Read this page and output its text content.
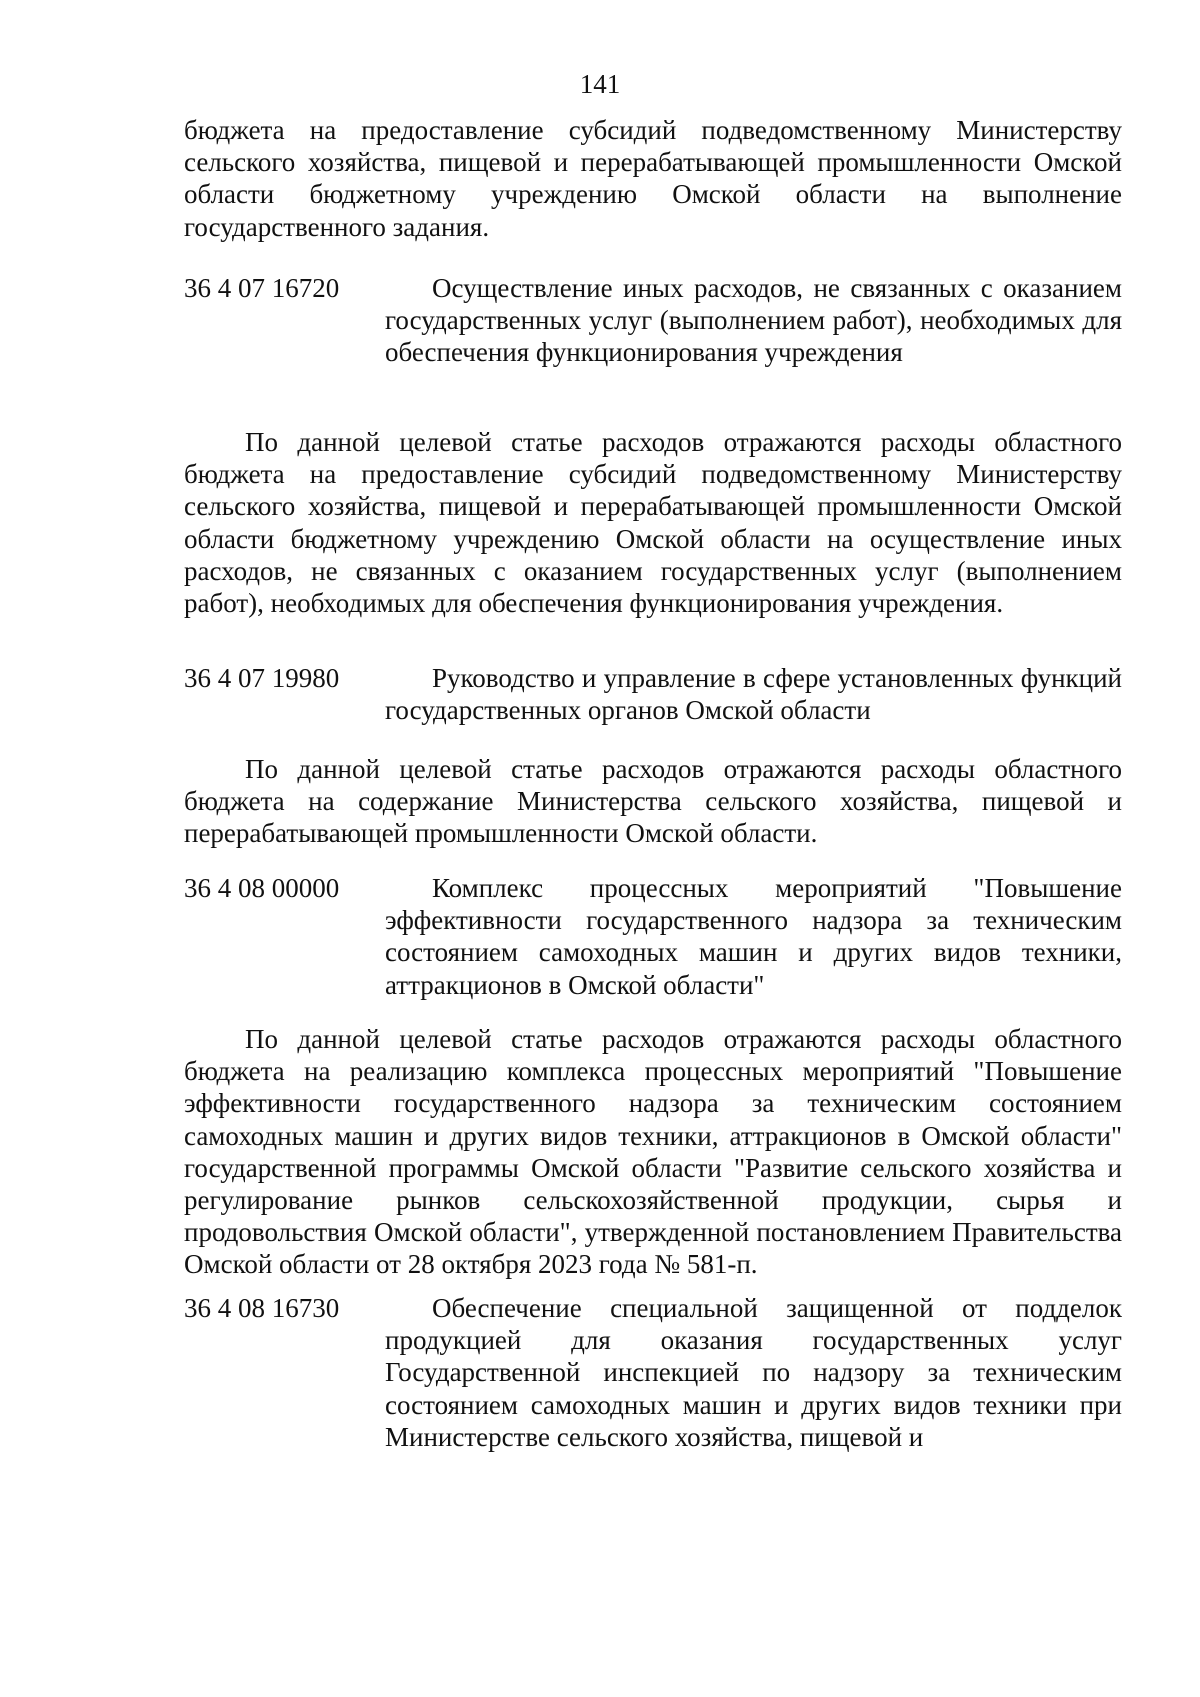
141

бюджета на предоставление субсидий подведомственному Министерству сельского хозяйства, пищевой и перерабатывающей промышленности Омской области бюджетному учреждению Омской области на выполнение государственного задания.

36 4 07 16720	Осуществление иных расходов, не связанных с оказанием государственных услуг (выполнением работ), необходимых для обеспечения функционирования учреждения

По данной целевой статье расходов отражаются расходы областного бюджета на предоставление субсидий подведомственному Министерству сельского хозяйства, пищевой и перерабатывающей промышленности Омской области бюджетному учреждению Омской области на осуществление иных расходов, не связанных с оказанием государственных услуг (выполнением работ), необходимых для обеспечения функционирования учреждения.

36 4 07 19980	Руководство и управление в сфере установленных функций государственных органов Омской области

По данной целевой статье расходов отражаются расходы областного бюджета на содержание Министерства сельского хозяйства, пищевой и перерабатывающей промышленности Омской области.

36 4 08 00000	Комплекс процессных мероприятий "Повышение эффективности государственного надзора за техническим состоянием самоходных машин и других видов техники, аттракционов в Омской области"

По данной целевой статье расходов отражаются расходы областного бюджета на реализацию комплекса процессных мероприятий "Повышение эффективности государственного надзора за техническим состоянием самоходных машин и других видов техники, аттракционов в Омской области" государственной программы Омской области "Развитие сельского хозяйства и регулирование рынков сельскохозяйственной продукции, сырья и продовольствия Омской области", утвержденной постановлением Правительства Омской области от 28 октября 2023 года № 581-п.

36 4 08 16730	Обеспечение специальной защищенной от подделок продукцией для оказания государственных услуг Государственной инспекцией по надзору за техническим состоянием самоходных машин и других видов техники при Министерстве сельского хозяйства, пищевой и
